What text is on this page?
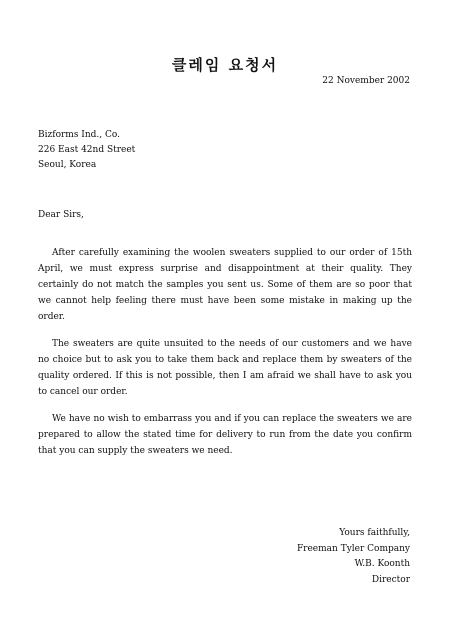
클레임 요청서
22 November 2002
Bizforms Ind., Co.
226 East 42nd Street
Seoul, Korea
Dear Sirs,

After carefully examining the woolen sweaters supplied to our order of 15th April, we must express surprise and disappointment at their quality. They certainly do not match the samples you sent us. Some of them are so poor that we cannot help feeling there must have been some mistake in making up the order.

The sweaters are quite unsuited to the needs of our customers and we have no choice but to ask you to take them back and replace them by sweaters of the quality ordered. If this is not possible, then I am afraid we shall have to ask you to cancel our order.

We have no wish to embarrass you and if you can replace the sweaters we are prepared to allow the stated time for delivery to run from the date you confirm that you can supply the sweaters we need.

Yours faithfully,
Freeman Tyler Company
W.B. Koonth
Director
